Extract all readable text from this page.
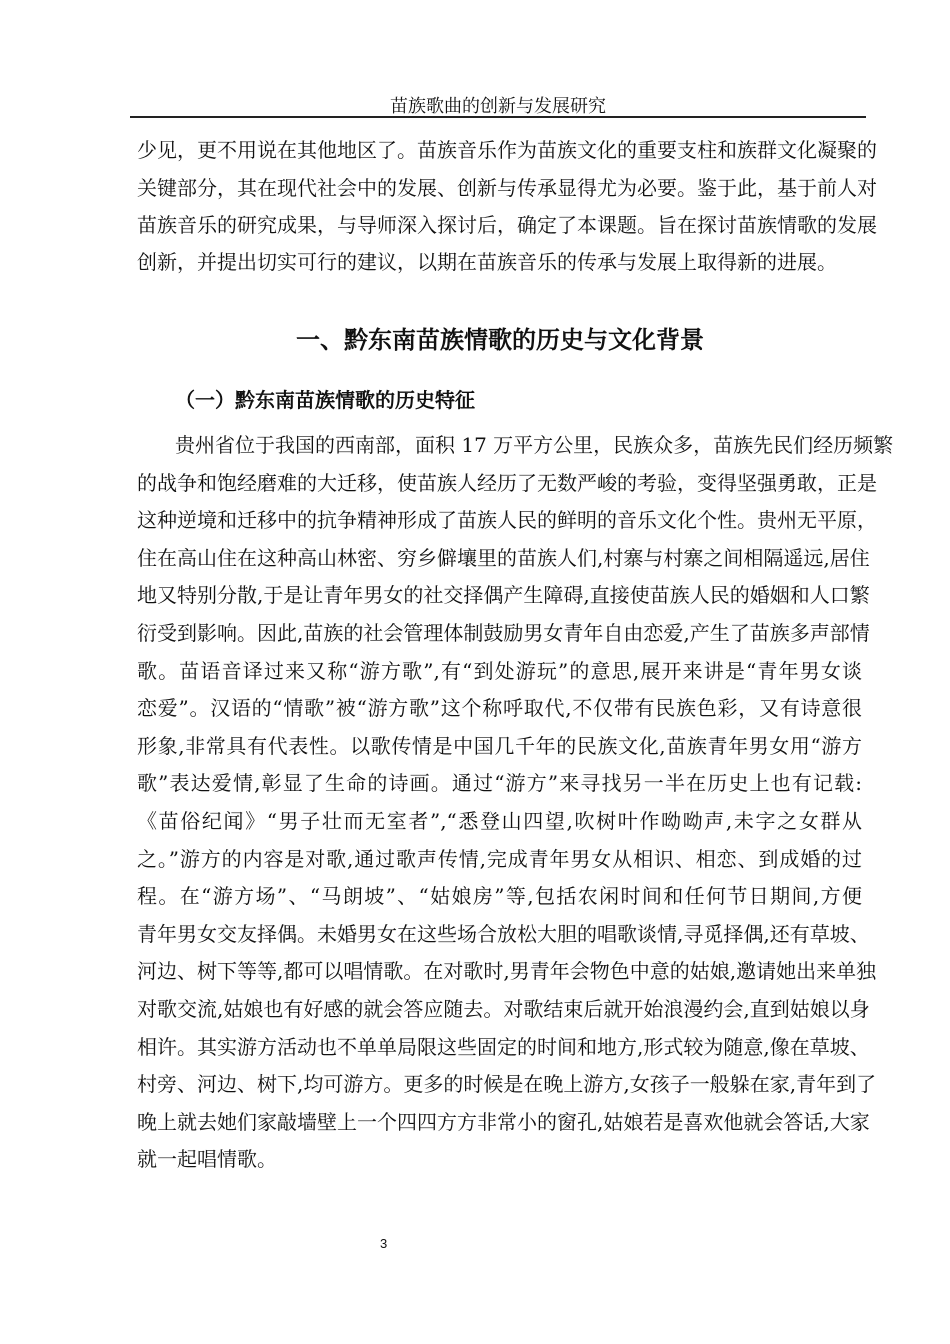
苗族歌曲的创新与发展研究
少见，更不用说在其他地区了。苗族音乐作为苗族文化的重要支柱和族群文化凝聚的
关键部分，其在现代社会中的发展、创新与传承显得尤为必要。鉴于此，基于前人对
苗族音乐的研究成果，与导师深入探讨后，确定了本课题。旨在探讨苗族情歌的发展
创新，并提出切实可行的建议，以期在苗族音乐的传承与发展上取得新的进展。
一、黔东南苗族情歌的历史与文化背景
（一）黔东南苗族情歌的历史特征
贵州省位于我国的西南部，面积 17 万平方公里，民族众多，苗族先民们经历频繁
的战争和饱经磨难的大迁移，使苗族人经历了无数严峻的考验，变得坚强勇敢，正是
这种逆境和迁移中的抗争精神形成了苗族人民的鲜明的音乐文化个性。贵州无平原，
住在高山住在这种高山林密、穷乡僻壤里的苗族人们,村寨与村寨之间相隔遥远,居住
地又特别分散,于是让青年男女的社交择偶产生障碍,直接使苗族人民的婚姻和人口繁
衍受到影响。因此,苗族的社会管理体制鼓励男女青年自由恋爱,产生了苗族多声部情
歌。苗语音译过来又称“游方歌”,有“到处游玩”的意思,展开来讲是“青年男女谈
恋爱”。汉语的“情歌”被“游方歌”这个称呼取代,不仅带有民族色彩，又有诗意很
形象,非常具有代表性。以歌传情是中国几千年的民族文化,苗族青年男女用“游方
歌”表达爱情,彰显了生命的诗画。通过“游方”来寻找另一半在历史上也有记载:
《苗俗纪闻》“男子壮而无室者”,“悉登山四望,吹树叶作呦呦声,未字之女群从
之。”游方的内容是对歌,通过歌声传情,完成青年男女从相识、相恋、到成婚的过
程。在“游方场”、“马朗坡”、“姑娘房”等,包括农闲时间和任何节日期间,方便
青年男女交友择偶。未婚男女在这些场合放松大胆的唱歌谈情,寻觅择偶,还有草坡、
河边、树下等等,都可以唱情歌。在对歌时,男青年会物色中意的姑娘,邀请她出来单独
对歌交流,姑娘也有好感的就会答应随去。对歌结束后就开始浪漫约会,直到姑娘以身
相许。其实游方活动也不单单局限这些固定的时间和地方,形式较为随意,像在草坡、
村旁、河边、树下,均可游方。更多的时候是在晚上游方,女孩子一般躲在家,青年到了
晚上就去她们家敲墙壁上一个四四方方非常小的窗孔,姑娘若是喜欢他就会答话,大家
就一起唱情歌。
3
